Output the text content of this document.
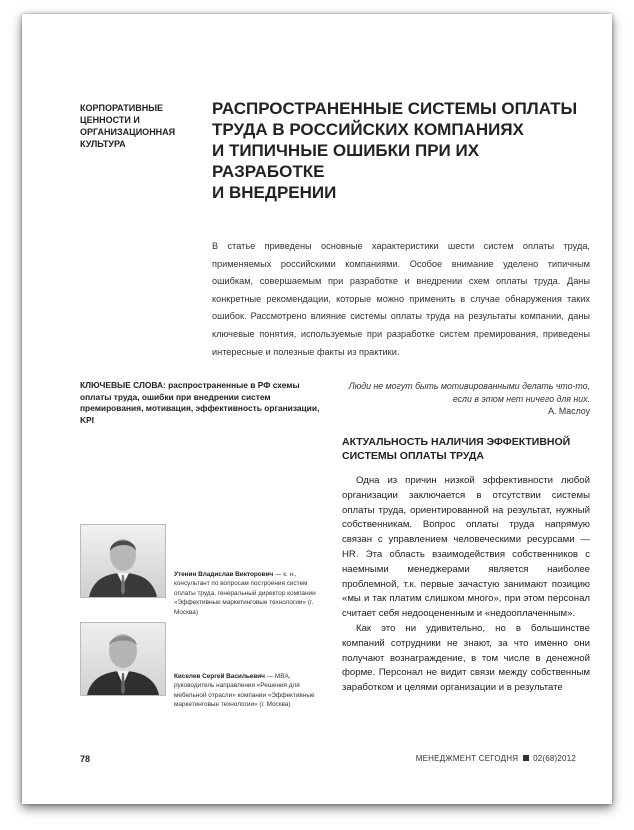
КОРПОРАТИВНЫЕ
ЦЕННОСТИ И
ОРГАНИЗАЦИОННАЯ
КУЛЬТУРА
РАСПРОСТРАНЕННЫЕ СИСТЕМЫ ОПЛАТЫ
ТРУДА В РОССИЙСКИХ КОМПАНИЯХ
И ТИПИЧНЫЕ ОШИБКИ ПРИ ИХ РАЗРАБОТКЕ
И ВНЕДРЕНИИ

В статье приведены основные характеристики шести систем оплаты труда, применяемых российскими компаниями. Особое внимание уделено типичным ошибкам, совершаемым при разработке и внедрении схем оплаты труда. Даны конкретные рекомендации, которые можно применить в случае обнаружения таких ошибок. Рассмотрено влияние системы оплаты труда на результаты компании, даны ключевые понятия, используемые при разработке систем премирования, приведены интересные и полезные факты из практики.

КЛЮЧЕВЫЕ СЛОВА: распространенные в РФ схемы оплаты труда, ошибки при внедрении систем премирования, мотивация, эффективность организации, KPI
Люди не могут быть мотивированными делать что-то,
если в этом нет ничего для них.
А. Маслоу
АКТУАЛЬНОСТЬ НАЛИЧИЯ ЭФФЕКТИВНОЙ
СИСТЕМЫ ОПЛАТЫ ТРУДА

Одна из причин низкой эффективности любой организации заключается в отсутствии системы оплаты труда, ориентированной на результат, нужный собственникам. Вопрос оплаты труда напрямую связан с управлением человеческими ресурсами — HR. Эта область взаимодействия собственников с наемными менеджерами является наиболее проблемной, т.к. первые зачастую занимают позицию «мы и так платим слишком много», при этом персонал считает себя недооцененным и «недооплаченным».

Как это ни удивительно, но в большинстве компаний сотрудники не знают, за что именно они получают вознаграждение, в том числе в денежной форме. Персонал не видит связи между собственным заработком и целями организации и в результате

Утенин Владислав Викторович — к. н., консультант по вопросам построения систем оплаты труда, генеральный директор компании «Эффективные маркетинговые технологии» (г. Москва)
Киселев Сергей Васильевич — MBA, руководитель направления «Решения для мебельной отрасли» компании «Эффективные маркетинговые технологии» (г. Москва)
78	МЕНЕДЖМЕНТ СЕГОДНЯ 02(68)2012
